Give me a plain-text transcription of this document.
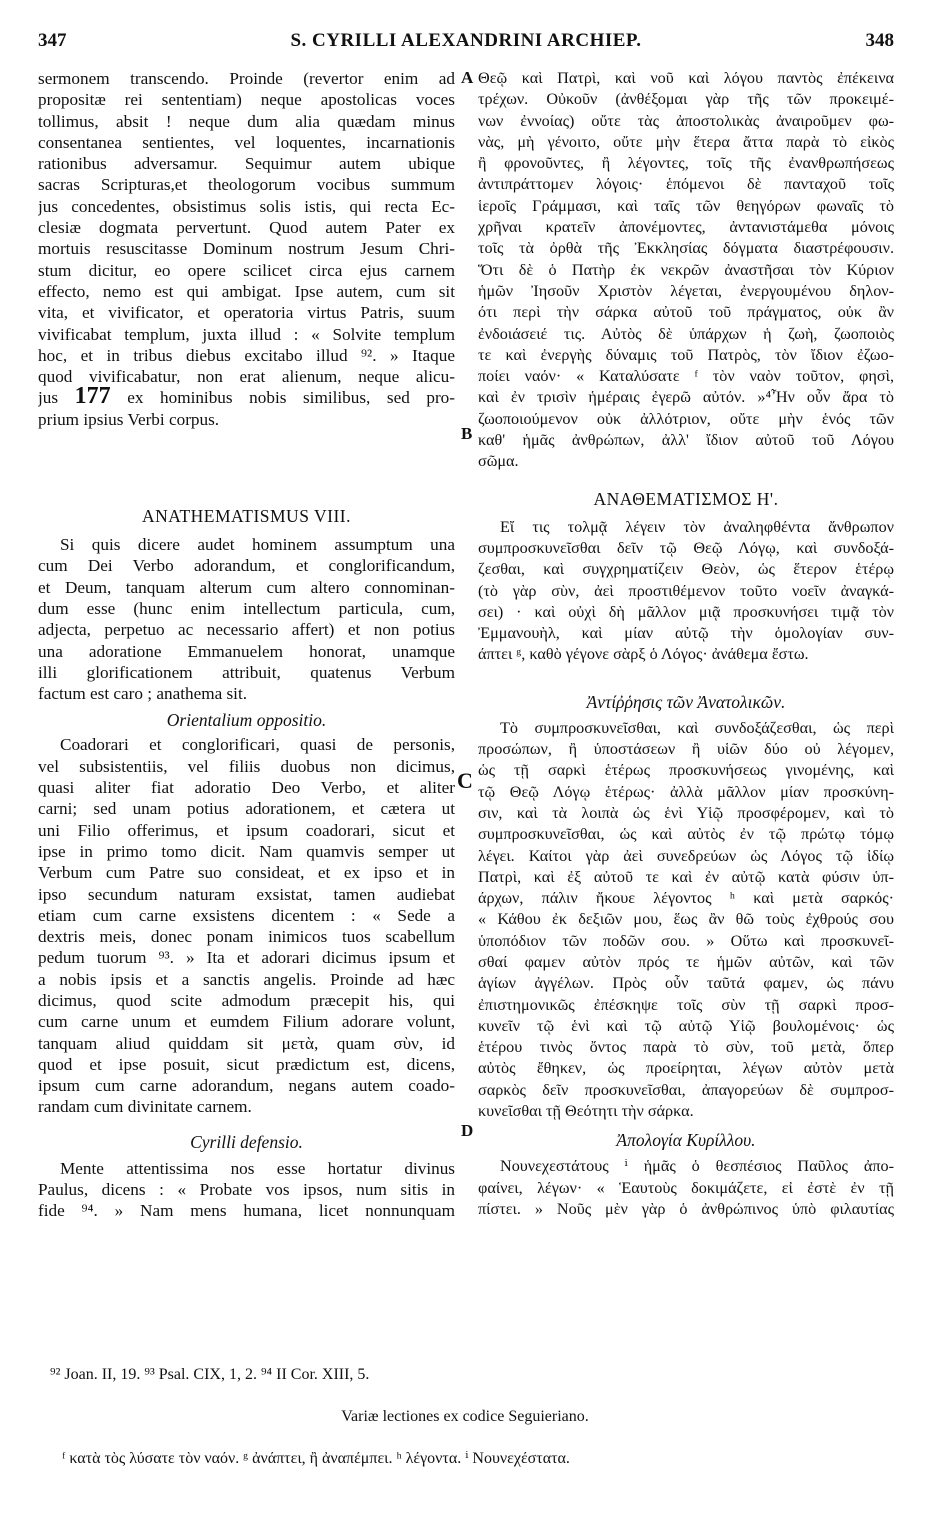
347	S. CYRILLI ALEXANDRINI ARCHIEP.	348
A
B
C
D
sermonem transcendo. Proinde (revertor enim ad
propositæ rei sententiam) neque apostolicas voces
tollimus, absit ! neque dum alia quædam minus
consentanea sentientes, vel loquentes, incarnationis
rationibus adversamur. Sequimur autem ubique
sacras Scripturas,et theologorum vocibus summum
jus concedentes, obsistimus solis istis, qui recta Ec-
clesiæ dogmata pervertunt. Quod autem Pater ex
mortuis resuscitasse Dominum nostrum Jesum Chri-
stum dicitur, eo opere scilicet circa ejus carnem
effecto, nemo est qui ambigat. Ipse autem, cum sit
vita, et vivificator, et operatoria virtus Patris, suum
vivificabat templum, juxta illud : « Solvite templum
hoc, et in tribus diebus excitabo illud ⁹². » Itaque
quod vivificabatur, non erat alienum, neque alicu-
jus 177 ex hominibus nobis similibus, sed pro-
prium ipsius Verbi corpus.
ANATHEMATISMUS VIII.
Si quis dicere audet hominem assumptum una
cum Dei Verbo adorandum, et conglorificandum,
et Deum, tanquam alterum cum altero connominan-
dum esse (hunc enim intellectum particula, cum,
adjecta, perpetuo ac necessario affert) et non potius
una adoratione Emmanuelem honorat, unamque
illi glorificationem attribuit, quatenus Verbum
factum est caro ; anathema sit.
Orientalium oppositio.
Coadorari et conglorificari, quasi de personis,
vel subsistentiis, vel filiis duobus non dicimus,
quasi aliter fiat adoratio Deo Verbo, et aliter
carni; sed unam potius adorationem, et cætera ut
uni Filio offerimus, et ipsum coadorari, sicut et
ipse in primo tomo dicit. Nam quamvis semper ut
Verbum cum Patre suo consideat, et ex ipso et in
ipso secundum naturam exsistat, tamen audiebat
etiam cum carne exsistens dicentem : « Sede a
dextris meis, donec ponam inimicos tuos scabellum
pedum tuorum ⁹³. » Ita et adorari dicimus ipsum et
a nobis ipsis et a sanctis angelis. Proinde ad hæc
dicimus, quod scite admodum præcepit his, qui
cum carne unum et eumdem Filium adorare volunt,
tanquam aliud quiddam sit μετὰ, quam σὺν, id
quod et ipse posuit, sicut prædictum est, dicens,
ipsum cum carne adorandum, negans autem coado-
randam cum divinitate carnem.
Cyrilli defensio.
Mente attentissima nos esse hortatur divinus
Paulus, dicens : « Probate vos ipsos, num sitis in
fide ⁹⁴. » Nam mens humana, licet nonnunquam
Θεῷ καὶ Πατρὶ, καὶ νοῦ καὶ λόγου παντὸς ἐπέκεινα
τρέχων. Οὐκοῦν (ἀνθέξομαι γὰρ τῆς τῶν προκειμέ-
νων ἐννοίας) οὔτε τὰς ἀποστολικὰς ἀναιροῦμεν φω-
νὰς, μὴ γένοιτο, οὔτε μὴν ἕτερα ἄττα παρὰ τὸ εἰκὸς
ἢ φρονοῦντες, ἢ λέγοντες, τοῖς τῆς ἐνανθρωπήσεως
ἀντιπράττομεν λόγοις· ἑπόμενοι δὲ πανταχοῦ τοῖς
ἱεροῖς Γράμμασι, καὶ ταῖς τῶν θεηγόρων φωναῖς τὸ
χρῆναι κρατεῖν ἀπονέμοντες, ἀντανιστάμεθα μόνοις
τοῖς τὰ ὀρθὰ τῆς Ἐκκλησίας δόγματα διαστρέφουσιν.
Ὅτι δὲ ὁ Πατὴρ ἐκ νεκρῶν ἀναστῆσαι τὸν Κύριον
ἡμῶν Ἰησοῦν Χριστὸν λέγεται, ἐνεργουμένου δηλον-
ότι περὶ τὴν σάρκα αὐτοῦ τοῦ πράγματος, οὐκ ἂν
ἐνδοιάσειέ τις. Αὐτὸς δὲ ὑπάρχων ἡ ζωὴ, ζωοποιὸς
τε καὶ ἐνεργὴς δύναμις τοῦ Πατρὸς, τὸν ἴδιον ἐζωο-
ποίει ναόν· « Καταλύσατε ᶠ τὸν ναὸν τοῦτον, φησὶ,
καὶ ἐν τρισὶν ἡμέραις ἐγερῶ αὐτόν. »⁴Ἦν οὖν ἄρα τὸ
ζωοποιούμενον οὐκ ἀλλότριον, οὔτε μὴν ἑνός τῶν
καθ' ἡμᾶς ἀνθρώπων, ἀλλ' ἴδιον αὐτοῦ τοῦ Λόγου
σῶμα.
ΑΝΑΘΕΜΑΤΙΣΜΟΣ Η'.
Εἴ τις τολμᾷ λέγειν τὸν ἀναληφθέντα ἄνθρωπον
συμπροσκυνεῖσθαι δεῖν τῷ Θεῷ Λόγῳ, καὶ συνδοξά-
ζεσθαι, καὶ συγχρηματίζειν Θεὸν, ὡς ἕτερον ἑτέρῳ
(τὸ γὰρ σὺν, ἀεὶ προστιθέμενον τοῦτο νοεῖν ἀναγκά-
σει) · καὶ οὐχὶ δὴ μᾶλλον μιᾷ προσκυνήσει τιμᾷ τὸν
Ἐμμανουὴλ, καὶ μίαν αὐτῷ τὴν ὁμολογίαν συν-
άπτει ᵍ, καθὸ γέγονε σὰρξ ὁ Λόγος· ἀνάθεμα ἔστω.
Ἀντίῤῥησις τῶν Ἀνατολικῶν.
Τὸ συμπροσκυνεῖσθαι, καὶ συνδοξάζεσθαι, ὡς περὶ
προσώπων, ἢ ὑποστάσεων ἢ υἱῶν δύο οὐ λέγομεν,
ὡς τῇ σαρκὶ ἑτέρως προσκυνήσεως γινομένης, καὶ
τῷ Θεῷ Λόγῳ ἑτέρως· ἀλλὰ μᾶλλον μίαν προσκύνη-
σιν, καὶ τὰ λοιπὰ ὡς ἑνὶ Υἱῷ προσφέρομεν, καὶ τὸ
συμπροσκυνεῖσθαι, ὡς καὶ αὐτὸς ἐν τῷ πρώτῳ τόμῳ
λέγει. Καίτοι γὰρ ἀεὶ συνεδρεύων ὡς Λόγος τῷ ἰδίῳ
Πατρὶ, καὶ ἐξ αὐτοῦ τε καὶ ἐν αὐτῷ κατὰ φύσιν ὑπ-
άρχων, πάλιν ἤκουε λέγοντος ʰ καὶ μετὰ σαρκός·
« Κάθου ἐκ δεξιῶν μου, ἕως ἂν θῶ τοὺς ἐχθρούς σου
ὑποπόδιον τῶν ποδῶν σου. » Οὕτω καὶ προσκυνεῖ-
σθαί φαμεν αὐτὸν πρός τε ἡμῶν αὐτῶν, καὶ τῶν
ἁγίων ἀγγέλων. Πρὸς οὖν ταῦτά φαμεν, ὡς πάνυ
ἐπιστημονικῶς ἐπέσκηψε τοῖς σὺν τῇ σαρκὶ προσ-
κυνεῖν τῷ ἑνὶ καὶ τῷ αὐτῷ Υἱῷ βουλομένοις· ὡς
ἑτέρου τινὸς ὄντος παρὰ τὸ σὺν, τοῦ μετὰ, ὅπερ
αὐτὸς ἔθηκεν, ὡς προείρηται, λέγων αὐτὸν μετὰ
σαρκὸς δεῖν προσκυνεῖσθαι, ἀπαγορεύων δὲ συμπροσ-
κυνεῖσθαι τῇ Θεότητι τὴν σάρκα.
Ἀπολογία Κυρίλλου.
Νουνεχεστάτους ⁱ ἡμᾶς ὁ θεσπέσιος Παῦλος ἀπο-
φαίνει, λέγων· « Ἑαυτοὺς δοκιμάζετε, εἰ ἐστὲ ἐν τῇ
πίστει. » Νοῦς μὲν γὰρ ὁ ἀνθρώπινος ὑπὸ φιλαυτίας
⁹² Joan. II, 19. ⁹³ Psal. CIX, 1, 2. ⁹⁴ II Cor. XIII, 5.
Variæ lectiones ex codice Seguieriano.
ᶠ κατὰ τὸς λύσατε τὸν ναόν. ᵍ ἀνάπτει, ἢ ἀναπέμπει. ʰ λέγοντα. ⁱ Νουνεχέστατα.
